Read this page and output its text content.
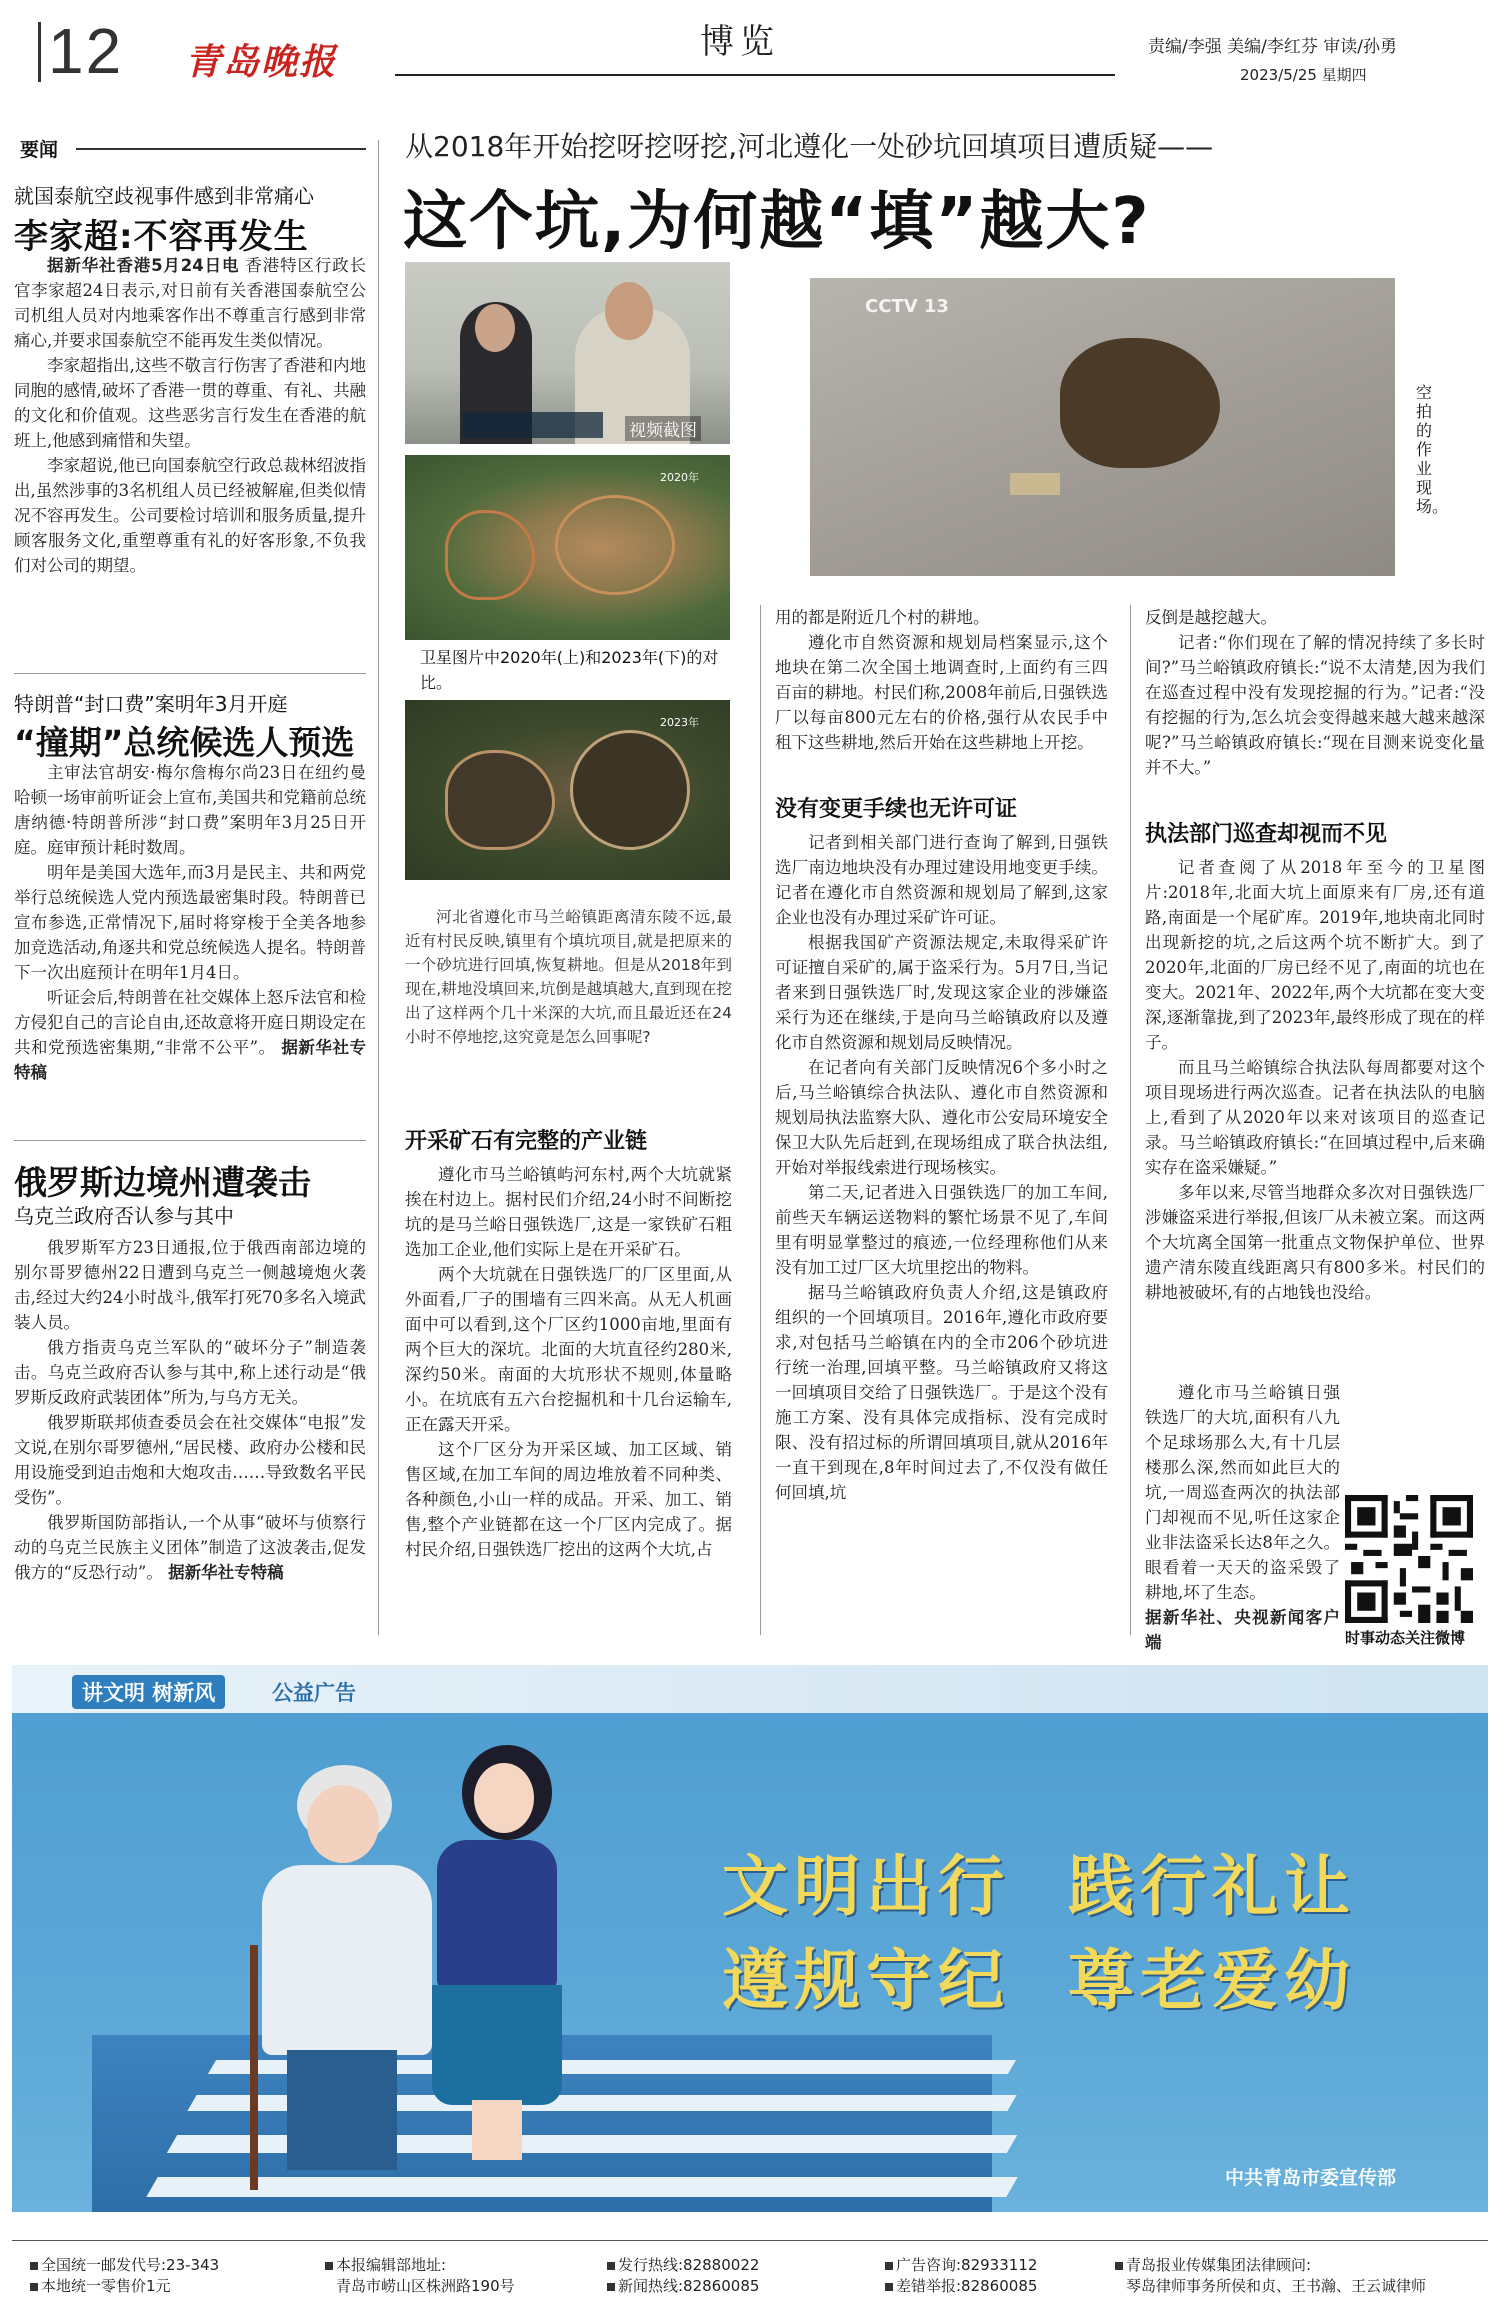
12 青岛晚报	博览	责编/李强 美编/李红芬 审读/孙勇
2023/5/25 星期四
要闻
就国泰航空歧视事件感到非常痛心
李家超:不容再发生

据新华社香港5月24日电 香港特区行政长官李家超24日表示,对日前有关香港国泰航空公司机组人员对内地乘客作出不尊重言行感到非常痛心,并要求国泰航空不能再发生类似情况。

李家超指出,这些不敬言行伤害了香港和内地同胞的感情,破坏了香港一贯的尊重、有礼、共融的文化和价值观。这些恶劣言行发生在香港的航班上,他感到痛惜和失望。

李家超说,他已向国泰航空行政总裁林绍波指出,虽然涉事的3名机组人员已经被解雇,但类似情况不容再发生。公司要检讨培训和服务质量,提升顾客服务文化,重塑尊重有礼的好客形象,不负我们对公司的期望。

特朗普“封口费”案明年3月开庭
“撞期”总统候选人预选

主审法官胡安·梅尔詹梅尔尚23日在纽约曼哈顿一场审前听证会上宣布,美国共和党籍前总统唐纳德·特朗普所涉“封口费”案明年3月25日开庭。庭审预计耗时数周。

明年是美国大选年,而3月是民主、共和两党举行总统候选人党内预选最密集时段。特朗普已宣布参选,正常情况下,届时将穿梭于全美各地参加竞选活动,角逐共和党总统候选人提名。特朗普下一次出庭预计在明年1月4日。

听证会后,特朗普在社交媒体上怒斥法官和检方侵犯自己的言论自由,还故意将开庭日期设定在共和党预选密集期,“非常不公平”。 据新华社专特稿

俄罗斯边境州遭袭击
乌克兰政府否认参与其中

俄罗斯军方23日通报,位于俄西南部边境的别尔哥罗德州22日遭到乌克兰一侧越境炮火袭击,经过大约24小时战斗,俄军打死70多名入境武装人员。

俄方指责乌克兰军队的“破坏分子”制造袭击。乌克兰政府否认参与其中,称上述行动是“俄罗斯反政府武装团体”所为,与乌方无关。

俄罗斯联邦侦查委员会在社交媒体“电报”发文说,在别尔哥罗德州,“居民楼、政府办公楼和民用设施受到迫击炮和大炮攻击……导致数名平民受伤”。

俄罗斯国防部指认,一个从事“破坏与侦察行动的乌克兰民族主义团体”制造了这波袭击,促发俄方的“反恐行动”。 据新华社专特稿

从2018年开始挖呀挖呀挖,河北遵化一处砂坑回填项目遭质疑——
这个坑,为何越“填”越大?
视频截图
2020年
卫星图片中2020年(上)和2023年(下)的对比。
2023年
CCTV 13
空拍的作业现场。

河北省遵化市马兰峪镇距离清东陵不远,最近有村民反映,镇里有个填坑项目,就是把原来的一个砂坑进行回填,恢复耕地。但是从2018年到现在,耕地没填回来,坑倒是越填越大,直到现在挖出了这样两个几十米深的大坑,而且最近还在24小时不停地挖,这究竟是怎么回事呢?

开采矿石有完整的产业链

遵化市马兰峪镇屿河东村,两个大坑就紧挨在村边上。据村民们介绍,24小时不间断挖坑的是马兰峪日强铁选厂,这是一家铁矿石粗选加工企业,他们实际上是在开采矿石。

两个大坑就在日强铁选厂的厂区里面,从外面看,厂子的围墙有三四米高。从无人机画面中可以看到,这个厂区约1000亩地,里面有两个巨大的深坑。北面的大坑直径约280米,深约50米。南面的大坑形状不规则,体量略小。在坑底有五六台挖掘机和十几台运输车,正在露天开采。

这个厂区分为开采区域、加工区域、销售区域,在加工车间的周边堆放着不同种类、各种颜色,小山一样的成品。开采、加工、销售,整个产业链都在这一个厂区内完成了。据村民介绍,日强铁选厂挖出的这两个大坑,占

用的都是附近几个村的耕地。

遵化市自然资源和规划局档案显示,这个地块在第二次全国土地调查时,上面约有三四百亩的耕地。村民们称,2008年前后,日强铁选厂以每亩800元左右的价格,强行从农民手中租下这些耕地,然后开始在这些耕地上开挖。

没有变更手续也无许可证

记者到相关部门进行查询了解到,日强铁选厂南边地块没有办理过建设用地变更手续。记者在遵化市自然资源和规划局了解到,这家企业也没有办理过采矿许可证。

根据我国矿产资源法规定,未取得采矿许可证擅自采矿的,属于盗采行为。5月7日,当记者来到日强铁选厂时,发现这家企业的涉嫌盗采行为还在继续,于是向马兰峪镇政府以及遵化市自然资源和规划局反映情况。

在记者向有关部门反映情况6个多小时之后,马兰峪镇综合执法队、遵化市自然资源和规划局执法监察大队、遵化市公安局环境安全保卫大队先后赶到,在现场组成了联合执法组,开始对举报线索进行现场核实。

第二天,记者进入日强铁选厂的加工车间,前些天车辆运送物料的繁忙场景不见了,车间里有明显掌整过的痕迹,一位经理称他们从来没有加工过厂区大坑里挖出的物料。

据马兰峪镇政府负责人介绍,这是镇政府组织的一个回填项目。2016年,遵化市政府要求,对包括马兰峪镇在内的全市206个砂坑进行统一治理,回填平整。马兰峪镇政府又将这一回填项目交给了日强铁选厂。于是这个没有施工方案、没有具体完成指标、没有完成时限、没有招过标的所谓回填项目,就从2016年一直干到现在,8年时间过去了,不仅没有做任何回填,坑

反倒是越挖越大。

记者:“你们现在了解的情况持续了多长时间?”马兰峪镇政府镇长:“说不太清楚,因为我们在巡查过程中没有发现挖掘的行为。”记者:“没有挖掘的行为,怎么坑会变得越来越大越来越深呢?”马兰峪镇政府镇长:“现在目测来说变化量并不大。”

执法部门巡查却视而不见

记者查阅了从2018年至今的卫星图片:2018年,北面大坑上面原来有厂房,还有道路,南面是一个尾矿库。2019年,地块南北同时出现新挖的坑,之后这两个坑不断扩大。到了2020年,北面的厂房已经不见了,南面的坑也在变大。2021年、2022年,两个大坑都在变大变深,逐渐靠拢,到了2023年,最终形成了现在的样子。

而且马兰峪镇综合执法队每周都要对这个项目现场进行两次巡查。记者在执法队的电脑上,看到了从2020年以来对该项目的巡查记录。马兰峪镇政府镇长:“在回填过程中,后来确实存在盗采嫌疑。”

多年以来,尽管当地群众多次对日强铁选厂涉嫌盗采进行举报,但该厂从未被立案。而这两个大坑离全国第一批重点文物保护单位、世界遗产清东陵直线距离只有800多米。村民们的耕地被破坏,有的占地钱也没给。

遵化市马兰峪镇日强铁选厂的大坑,面积有八九个足球场那么大,有十几层楼那么深,然而如此巨大的坑,一周巡查两次的执法部门却视而不见,听任这家企业非法盗采长达8年之久。眼看着一天天的盗采毁了耕地,坏了生态。

据新华社、央视新闻客户端	时事动态关注微博
讲文明 树新风	公益广告
文明出行  践行礼让
遵规守纪  尊老爱幼
中共青岛市委宣传部
全国统一邮发代号:23-343
本地统一零售价1元
本报编辑部地址:
青岛市崂山区株洲路190号
发行热线:82880022
新闻热线:82860085
广告咨询:82933112
差错举报:82860085
青岛报业传媒集团法律顾问:
琴岛律师事务所侯和贞、王书瀚、王云诚律师
